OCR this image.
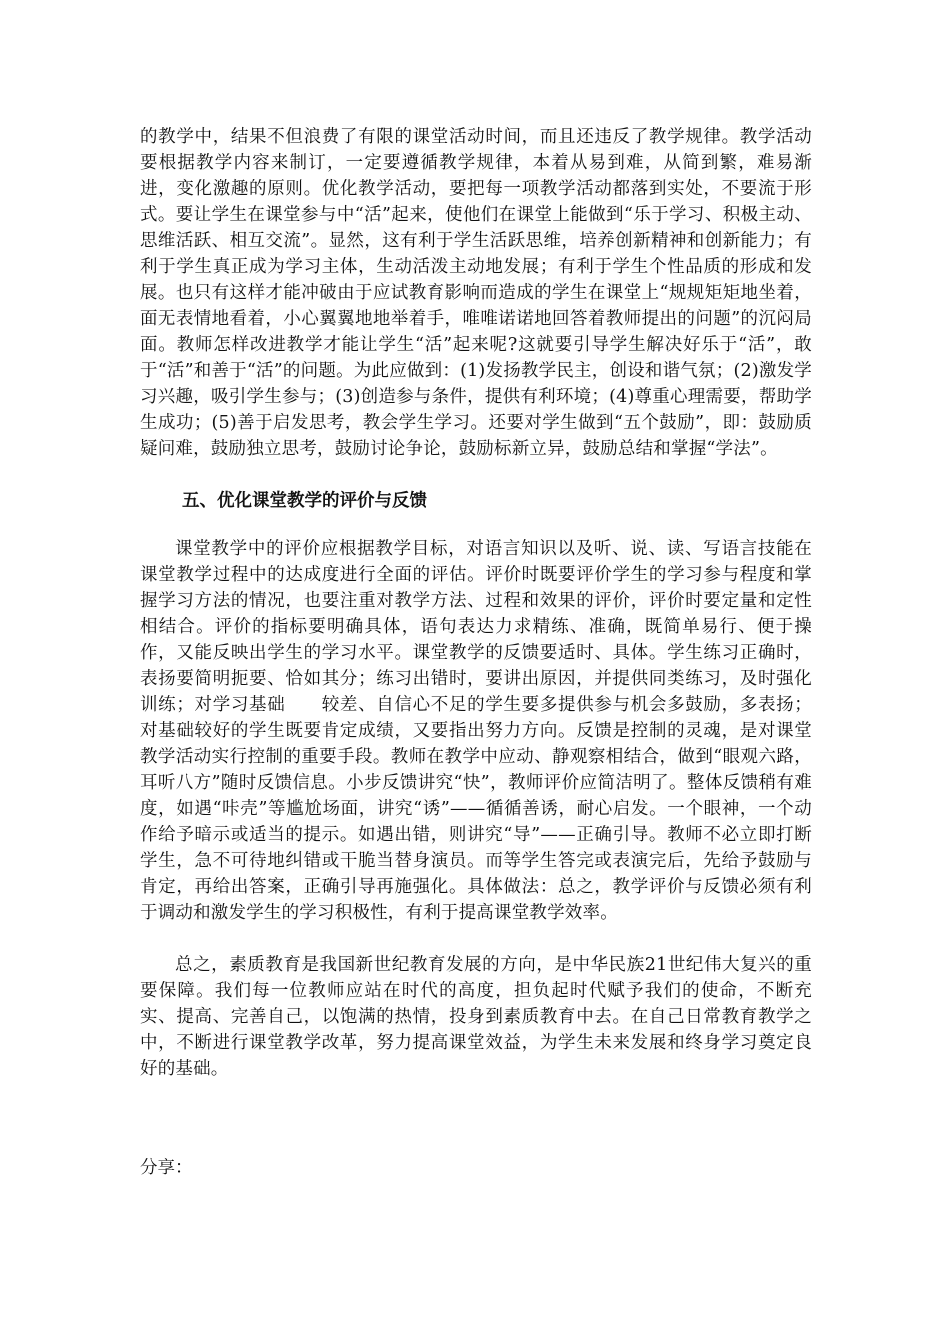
的教学中，结果不但浪费了有限的课堂活动时间，而且还违反了教学规律。教学活动要根据教学内容来制订，一定要遵循教学规律，本着从易到难，从简到繁，难易渐进，变化激趣的原则。优化教学活动，要把每一项教学活动都落到实处，不要流于形式。要让学生在课堂参与中“活”起来，使他们在课堂上能做到“乐于学习、积极主动、思维活跃、相互交流”。显然，这有利于学生活跃思维，培养创新精神和创新能力；有利于学生真正成为学习主体，生动活泼主动地发展；有利于学生个性品质的形成和发展。也只有这样才能冲破由于应试教育影响而造成的学生在课堂上“规规矩矩地坐着，面无表情地看着，小心翼翼地地举着手，唯唯诺诺地回答着教师提出的问题”的沉闷局面。教师怎样改进教学才能让学生“活”起来呢?这就要引导学生解决好乐于“活”，敢于“活”和善于“活”的问题。为此应做到：(1)发扬教学民主，创设和谐气氛；(2)激发学习兴趣，吸引学生参与；(3)创造参与条件，提供有利环境；(4)尊重心理需要，帮助学生成功；(5)善于启发思考，教会学生学习。还要对学生做到“五个鼓励”，即：鼓励质疑问难，鼓励独立思考，鼓励讨论争论，鼓励标新立异，鼓励总结和掌握“学法”。

五、优化课堂教学的评价与反馈

课堂教学中的评价应根据教学目标，对语言知识以及听、说、读、写语言技能在课堂教学过程中的达成度进行全面的评估。评价时既要评价学生的学习参与程度和掌握学习方法的情况，也要注重对教学方法、过程和效果的评价，评价时要定量和定性相结合。评价的指标要明确具体，语句表达力求精练、准确，既简单易行、便于操作，又能反映出学生的学习水平。课堂教学的反馈要适时、具体。学生练习正确时，表扬要简明扼要、恰如其分；练习出错时，要讲出原因，并提供同类练习，及时强化训练；对学习基础　　较差、自信心不足的学生要多提供参与机会多鼓励，多表扬；对基础较好的学生既要肯定成绩，又要指出努力方向。反馈是控制的灵魂，是对课堂教学活动实行控制的重要手段。教师在教学中应动、静观察相结合，做到“眼观六路，耳听八方”随时反馈信息。小步反馈讲究“快”，教师评价应简洁明了。整体反馈稍有难度，如遇“咔壳”等尴尬场面，讲究“诱”——循循善诱，耐心启发。一个眼神，一个动作给予暗示或适当的提示。如遇出错，则讲究“导”——正确引导。教师不必立即打断学生，急不可待地纠错或干脆当替身演员。而等学生答完或表演完后，先给予鼓励与肯定，再给出答案，正确引导再施强化。具体做法：总之，教学评价与反馈必须有利于调动和激发学生的学习积极性，有利于提高课堂教学效率。

总之，素质教育是我国新世纪教育发展的方向，是中华民族21世纪伟大复兴的重要保障。我们每一位教师应站在时代的高度，担负起时代赋予我们的使命，不断充实、提高、完善自己，以饱满的热情，投身到素质教育中去。在自己日常教育教学之中，不断进行课堂教学改革，努力提高课堂效益，为学生未来发展和终身学习奠定良好的基础。

分享：
